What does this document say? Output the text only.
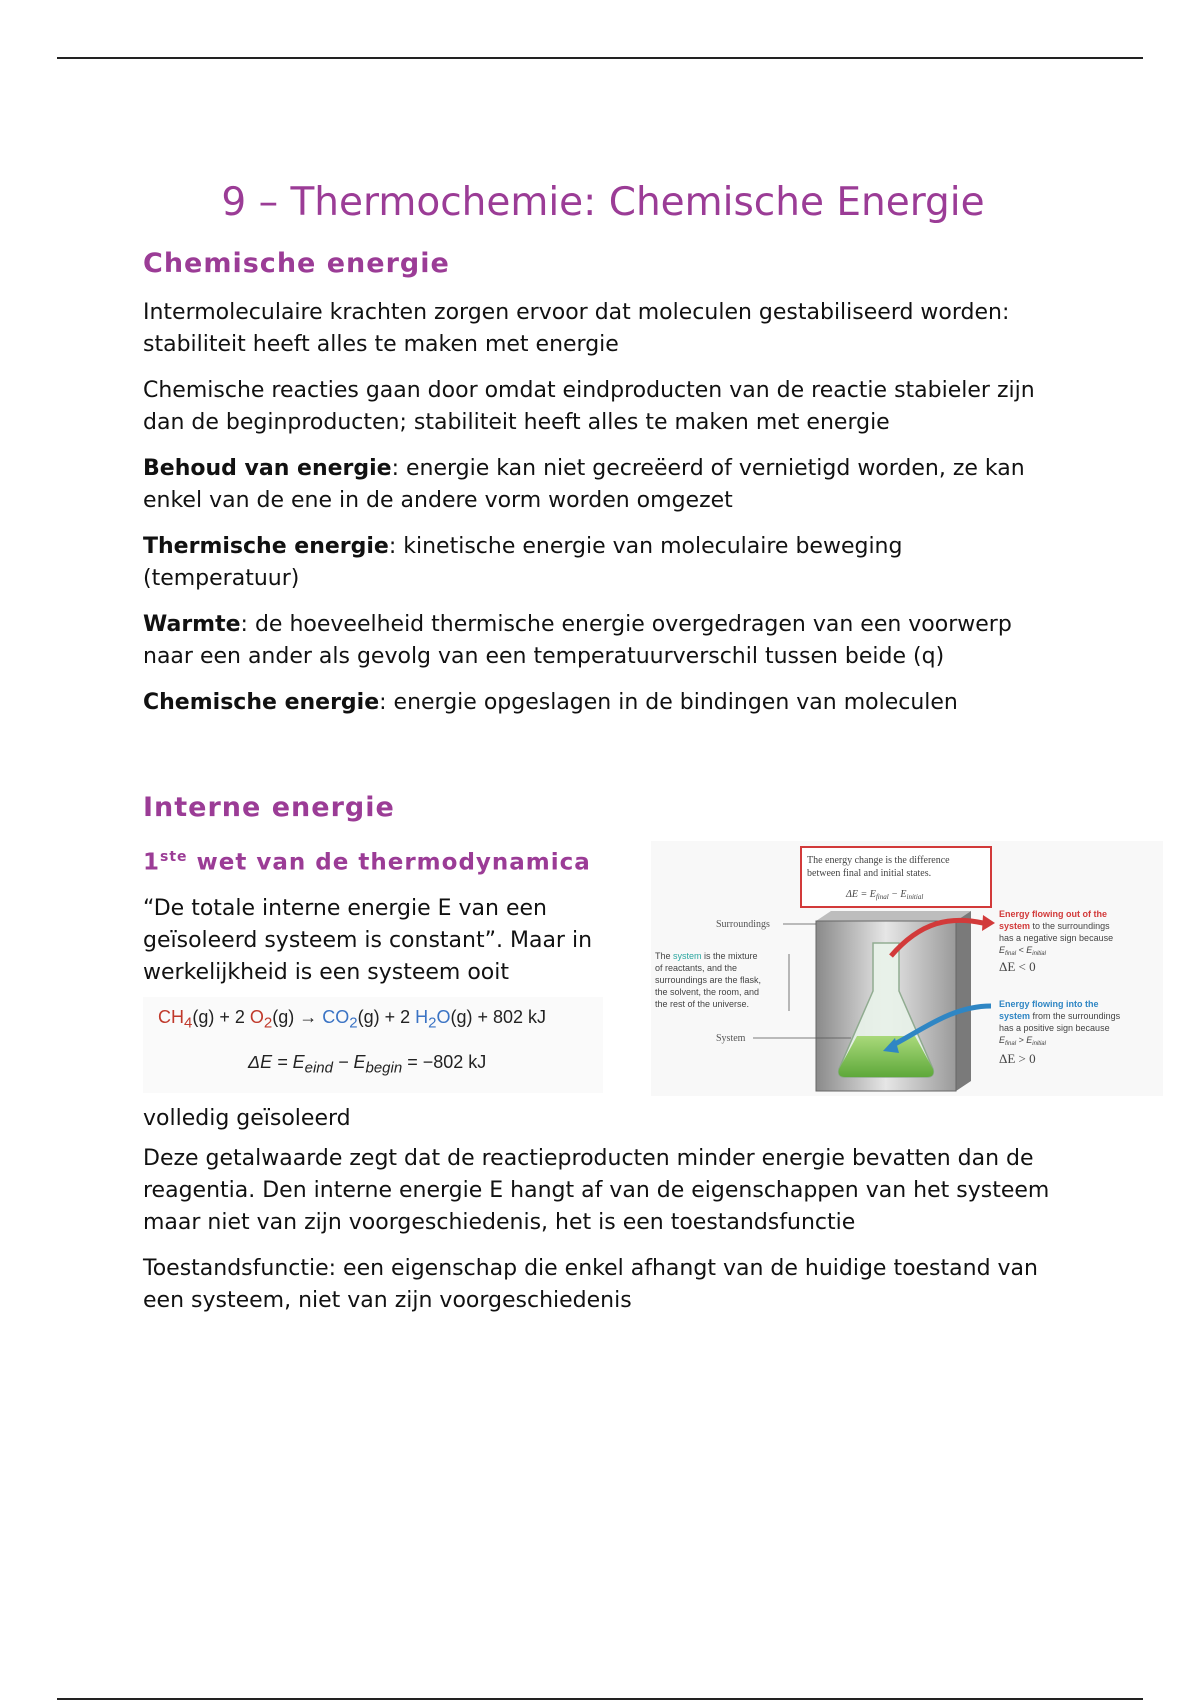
9 – Thermochemie: Chemische Energie
Chemische energie

Intermoleculaire krachten zorgen ervoor dat moleculen gestabiliseerd worden: stabiliteit heeft alles te maken met energie

Chemische reacties gaan door omdat eindproducten van de reactie stabieler zijn dan de beginproducten; stabiliteit heeft alles te maken met energie

Behoud van energie: energie kan niet gecreëerd of vernietigd worden, ze kan enkel van de ene in de andere vorm worden omgezet

Thermische energie: kinetische energie van moleculaire beweging (temperatuur)

Warmte: de hoeveelheid thermische energie overgedragen van een voorwerp naar een ander als gevolg van een temperatuurverschil tussen beide (q)

Chemische energie: energie opgeslagen in de bindingen van moleculen

Interne energie
1ste wet van de thermodynamica

“De totale interne energie E van een geïsoleerd systeem is constant”. Maar in werkelijkheid is een systeem ooit

$CH_4(g) + 2$ $O_2(g) \to CO_2(g) + 2$ $H_2O(g) + 802$ kJ
$\Delta E = E_{eind} - E_{begin} = -802$ kJ

volledig geïsoleerd

The energy change is the difference
between final and initial states.
$\Delta E = E_{final} - E_{initial}$
Surroundings
System
The system is the mixture
of reactants, and the
surroundings are the flask,
the solvent, the room, and
the rest of the universe.
Energy flowing out of the
system to the surroundings
has a negative sign because
$E_{final} < E_{initial}$
ΔE < 0
Energy flowing into the
system from the surroundings
has a positive sign because
$E_{final} > E_{initial}$
ΔE > 0

Deze getalwaarde zegt dat de reactieproducten minder energie bevatten dan de reagentia. Den interne energie E hangt af van de eigenschappen van het systeem maar niet van zijn voorgeschiedenis, het is een toestandsfunctie

Toestandsfunctie: een eigenschap die enkel afhangt van de huidige toestand van een systeem, niet van zijn voorgeschiedenis
